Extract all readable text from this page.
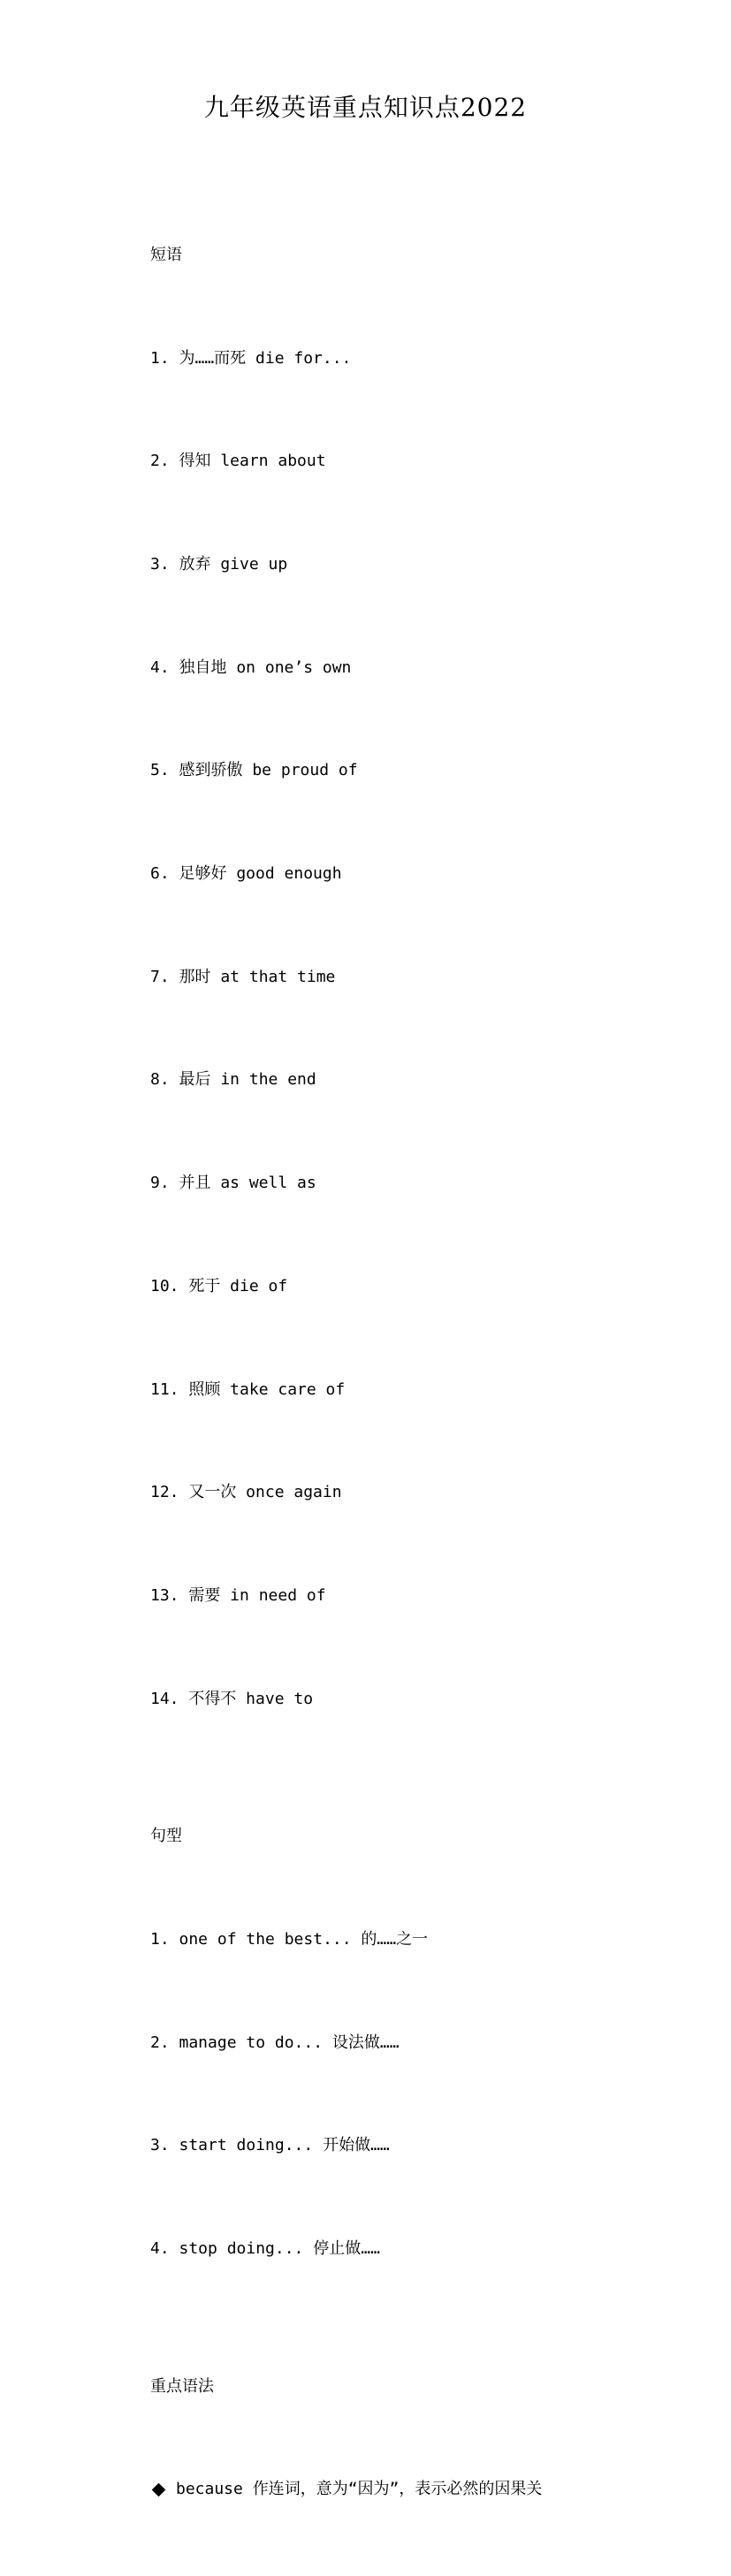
九年级英语重点知识点2022

短语

1. 为……而死 die for...

2. 得知 learn about

3. 放弃 give up

4. 独自地 on one’s own

5. 感到骄傲 be proud of

6. 足够好 good enough

7. 那时 at that time

8. 最后 in the end

9. 并且 as well as

10. 死于 die of

11. 照顾 take care of

12. 又一次 once again

13. 需要 in need of

14. 不得不 have to

句型

1. one of the best... 的……之一

2. manage to do... 设法做……

3. start doing... 开始做……

4. stop doing... 停止做……

重点语法

because 作连词，意为“因为”，表示必然的因果关
